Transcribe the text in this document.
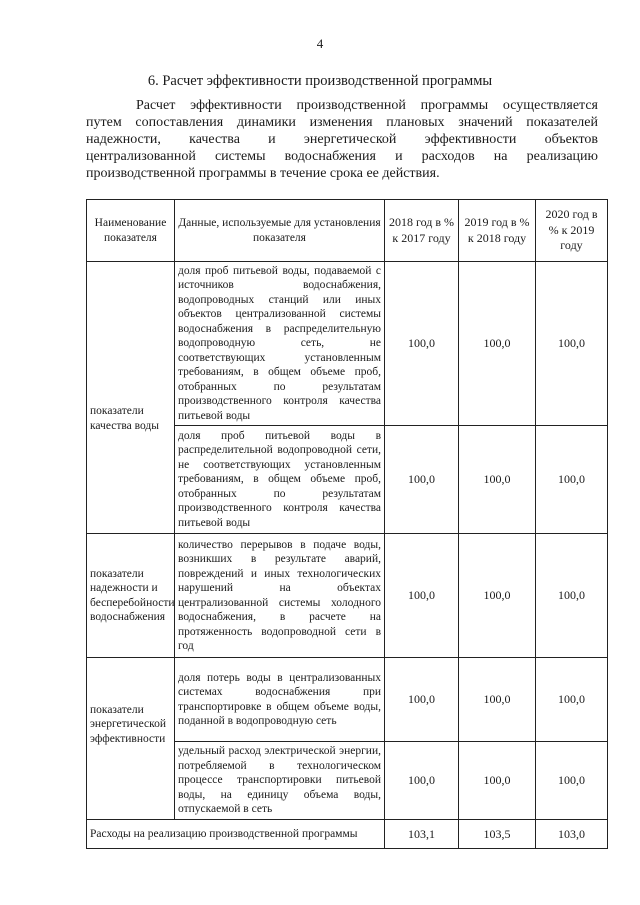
4
6. Расчет эффективности производственной программы

Расчет эффективности производственной программы осуществляется
путем сопоставления динамики изменения плановых значений показателей
надежности, качества и энергетической эффективности объектов
централизованной системы водоснабжения и расходов на реализацию
производственной программы в течение срока ее действия.

Наименование показателя	Данные, используемые для установления показателя	2018 год в % к 2017 году	2019 год в % к 2018 году	2020 год в % к 2019 году
показатели качества воды	доля проб питьевой воды, подаваемой с источников водоснабжения, водопроводных станций или иных объектов централизованной системы водоснабжения в распределительную водопроводную сеть, не соответствующих установленным требованиям, в общем объеме проб, отобранных по результатам производственного контроля качества питьевой воды	100,0	100,0	100,0
	доля проб питьевой воды в распределительной водопроводной сети, не соответствующих установленным требованиям, в общем объеме проб, отобранных по результатам производственного контроля качества питьевой воды	100,0	100,0	100,0
показатели надежности и бесперебойности водоснабжения	количество перерывов в подаче воды, возникших в результате аварий, повреждений и иных технологических нарушений на объектах централизованной системы холодного водоснабжения, в расчете на протяженность водопроводной сети в год	100,0	100,0	100,0
показатели энергетической эффективности	доля потерь воды в централизованных системах водоснабжения при транспортировке в общем объеме воды, поданной в водопроводную сеть	100,0	100,0	100,0
	удельный расход электрической энергии, потребляемой в технологическом процессе транспортировки питьевой воды, на единицу объема воды, отпускаемой в сеть	100,0	100,0	100,0
Расходы на реализацию производственной программы		103,1	103,5	103,0
